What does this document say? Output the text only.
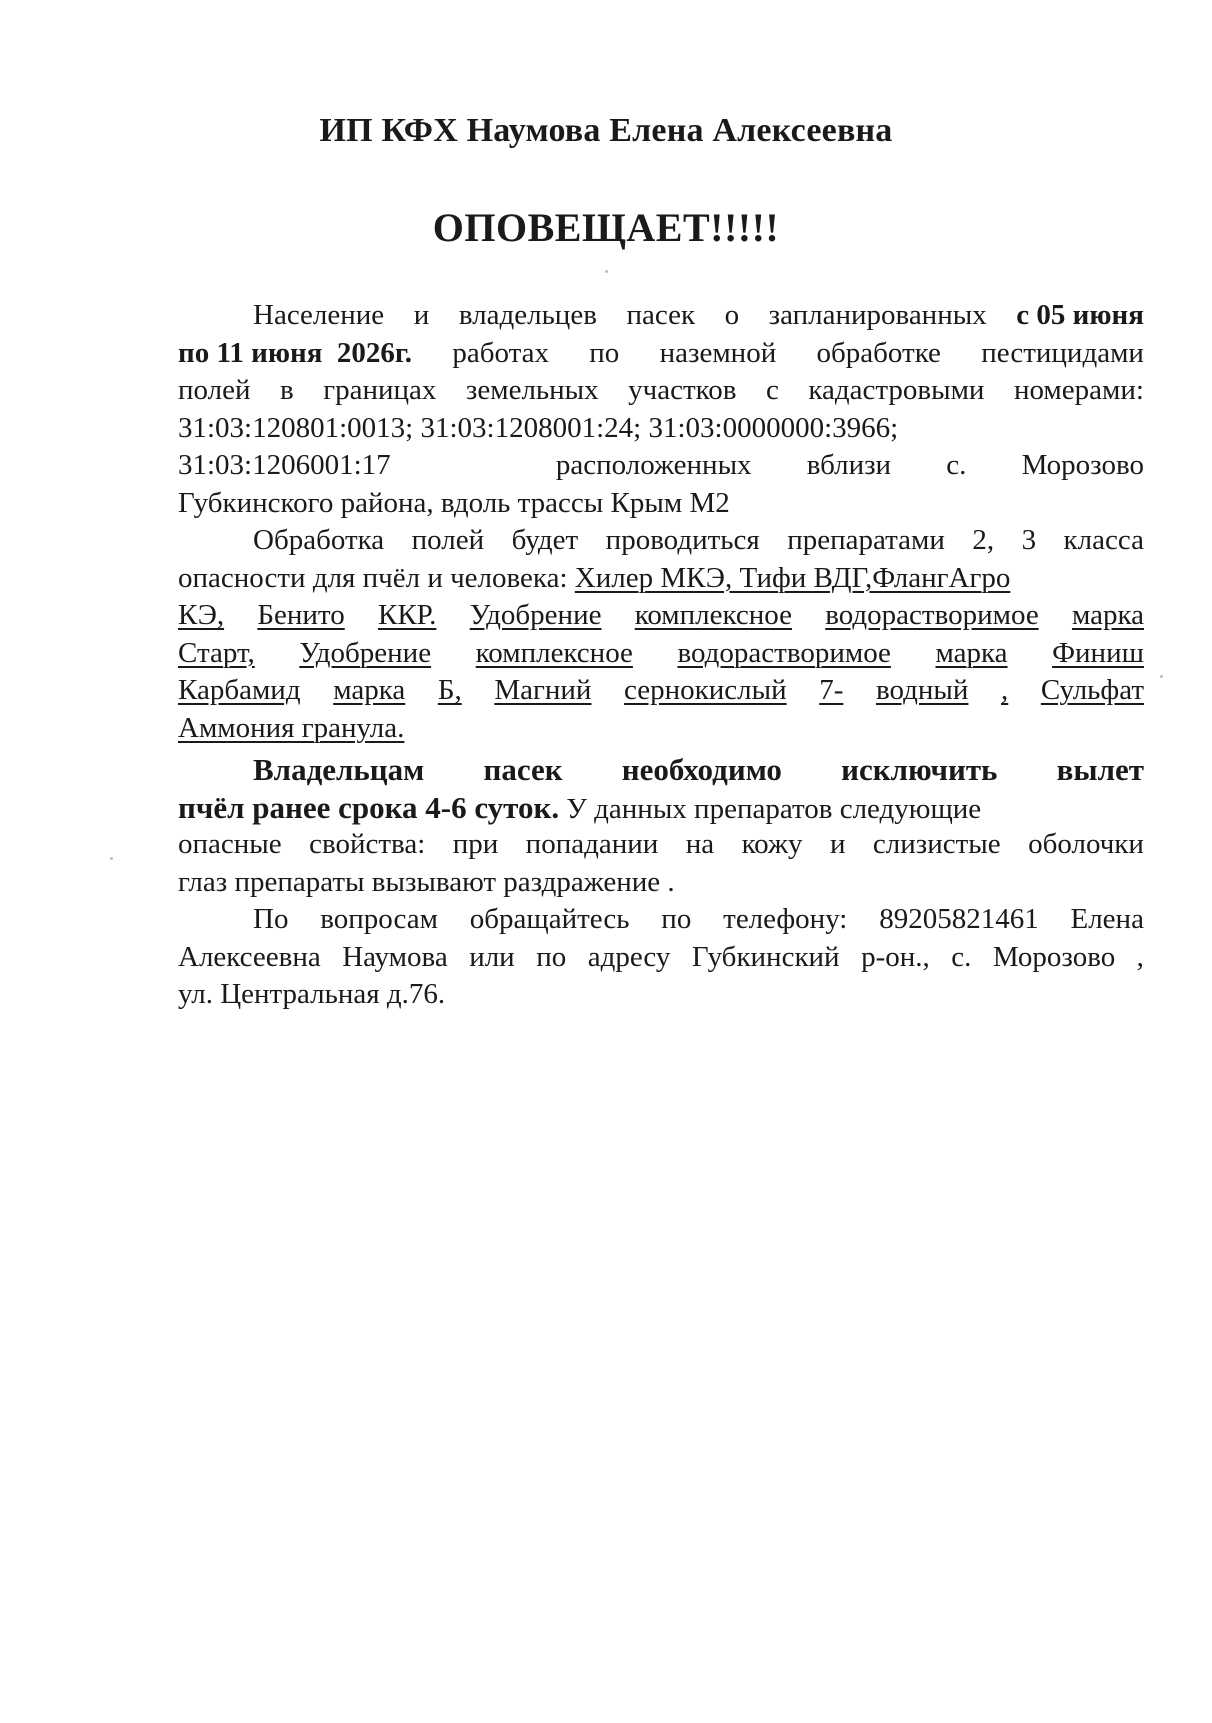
ИП КФХ Наумова Елена Алексеевна
ОПОВЕЩАЕТ!!!!!
Население и владельцев пасек о запланированных с 05 июня
по 11 июня  2026г. работах по наземной обработке пестицидами
полей в границах земельных участков с кадастровыми номерами:
31:03:120801:0013; 31:03:1208001:24; 31:03:0000000:3966;
31:03:1206001:17	расположенных вблизи с. Морозово
Губкинского района, вдоль трассы Крым М2
Обработка полей будет проводиться препаратами 2, 3 класса
опасности для пчёл и человека: Хилер МКЭ, Тифи ВДГ,ФлангАгро
КЭ, Бенито ККР. Удобрение комплексное водорастворимое марка
Старт, Удобрение комплексное водорастворимое марка Финиш
Карбамид марка Б, Магний сернокислый 7- водный , Сульфат
Аммония гранула.
Владельцам пасек необходимо исключить вылет
пчёл ранее срока 4-6 суток. У данных препаратов следующие
опасные свойства: при попадании на кожу и слизистые оболочки
глаз препараты вызывают раздражение .
По вопросам обращайтесь по телефону: 89205821461 Елена
Алексеевна Наумова или по адресу Губкинский р-он., с. Морозово ,
ул. Центральная д.76.
